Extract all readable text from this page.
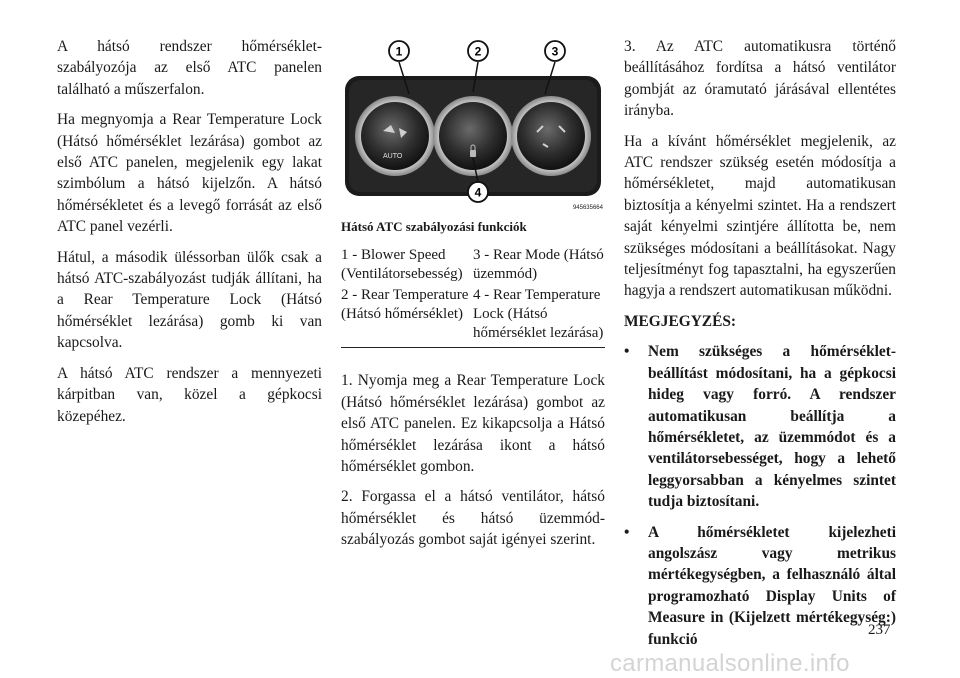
A hátsó rendszer hőmérséklet-szabályozója az első ATC panelen található a műszerfalon.

Ha megnyomja a Rear Temperature Lock (Hátsó hőmérséklet lezárása) gombot az első ATC panelen, megjelenik egy lakat szimbólum a hátsó kijelzőn. A hátsó hőmérsékletet és a levegő forrását az első ATC panel vezérli.

Hátul, a második üléssorban ülők csak a hátsó ATC-szabályozást tudják állítani, ha a Rear Temperature Lock (Hátsó hőmérséklet lezárása) gomb ki van kapcsolva.

A hátsó ATC rendszer a mennyezeti kárpitban van, közel a gépkocsi közepéhez.

AUTO
1	2	3
4
945635664

Hátsó ATC szabályozási funkciók

1 - Blower Speed (Ventilátorsebesség)	3 - Rear Mode (Hátsó üzemmód)
2 - Rear Temperature (Hátsó hőmérséklet)	4 - Rear Temperature Lock (Hátsó hőmérséklet lezárása)

1. Nyomja meg a Rear Temperature Lock (Hátsó hőmérséklet lezárása) gombot az első ATC panelen. Ez kikapcsolja a Hátsó hőmérséklet lezárása ikont a hátsó hőmérséklet gombon.

2. Forgassa el a hátsó ventilátor, hátsó hőmérséklet és hátsó üzemmód-szabályozás gombot saját igényei szerint.

3. Az ATC automatikusra történő beállításához fordítsa a hátsó ventilátor gombját az óramutató járásával ellentétes irányba.

Ha a kívánt hőmérséklet megjelenik, az ATC rendszer szükség esetén módosítja a hőmérsékletet, majd automatikusan biztosítja a kényelmi szintet. Ha a rendszert saját kényelmi szintjére állította be, nem szükséges módosítani a beállításokat. Nagy teljesítményt fog tapasztalni, ha egyszerűen hagyja a rendszert automatikusan működni.

MEGJEGYZÉS:

• Nem szükséges a hőmérséklet-beállítást módosítani, ha a gépkocsi hideg vagy forró. A rendszer automatikusan beállítja a hőmérsékletet, az üzemmódot és a ventilátorsebességet, hogy a lehető leggyorsabban a kényelmes szintet tudja biztosítani.
• A hőmérsékletet kijelezheti angolszász vagy metrikus mértékegységben, a felhasználó által programozható Display Units of Measure in (Kijelzett mértékegység:) funkció
237
carmanualsonline.info
